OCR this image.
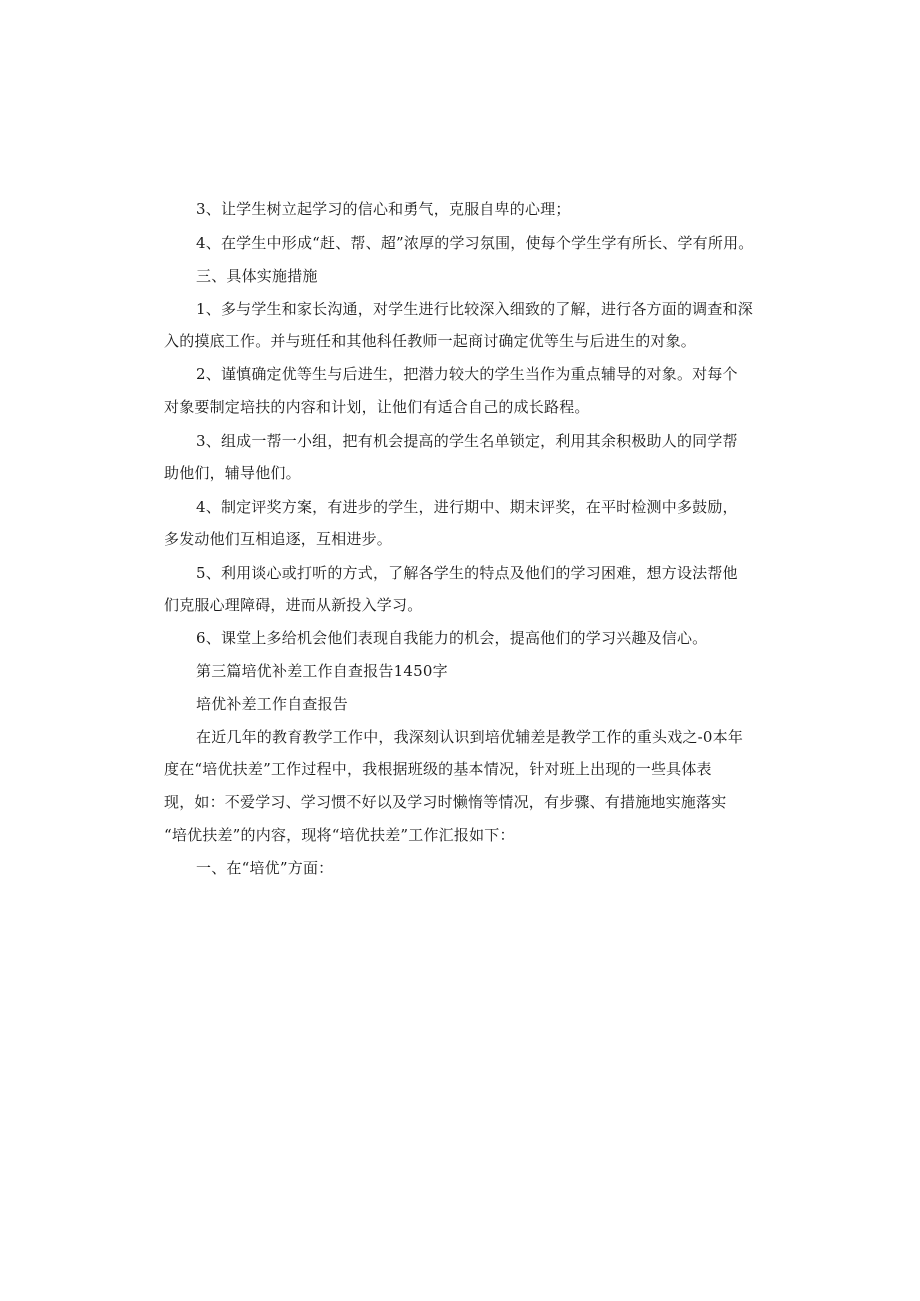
3、让学生树立起学习的信心和勇气，克服自卑的心理；
4、在学生中形成“赶、帮、超”浓厚的学习氛围，使每个学生学有所长、学有所用。
三、具体实施措施
1、多与学生和家长沟通，对学生进行比较深入细致的了解，进行各方面的调查和深
入的摸底工作。并与班任和其他科任教师一起商讨确定优等生与后进生的对象。
2、谨慎确定优等生与后进生，把潜力较大的学生当作为重点辅导的对象。对每个
对象要制定培扶的内容和计划，让他们有适合自己的成长路程。
3、组成一帮一小组，把有机会提高的学生名单锁定，利用其余积极助人的同学帮
助他们，辅导他们。
4、制定评奖方案，有进步的学生，进行期中、期末评奖，在平时检测中多鼓励，
多发动他们互相追逐，互相进步。
5、利用谈心或打听的方式，了解各学生的特点及他们的学习困难，想方设法帮他
们克服心理障碍，进而从新投入学习。
6、课堂上多给机会他们表现自我能力的机会，提高他们的学习兴趣及信心。
第三篇培优补差工作自查报告1450字
培优补差工作自查报告
在近几年的教育教学工作中，我深刻认识到培优辅差是教学工作的重头戏之-0本年
度在“培优扶差”工作过程中，我根据班级的基本情况，针对班上出现的一些具体表
现，如：不爱学习、学习惯不好以及学习时懒惰等情况，有步骤、有措施地实施落实
“培优扶差”的内容，现将“培优扶差”工作汇报如下：
一、在“培优”方面：
